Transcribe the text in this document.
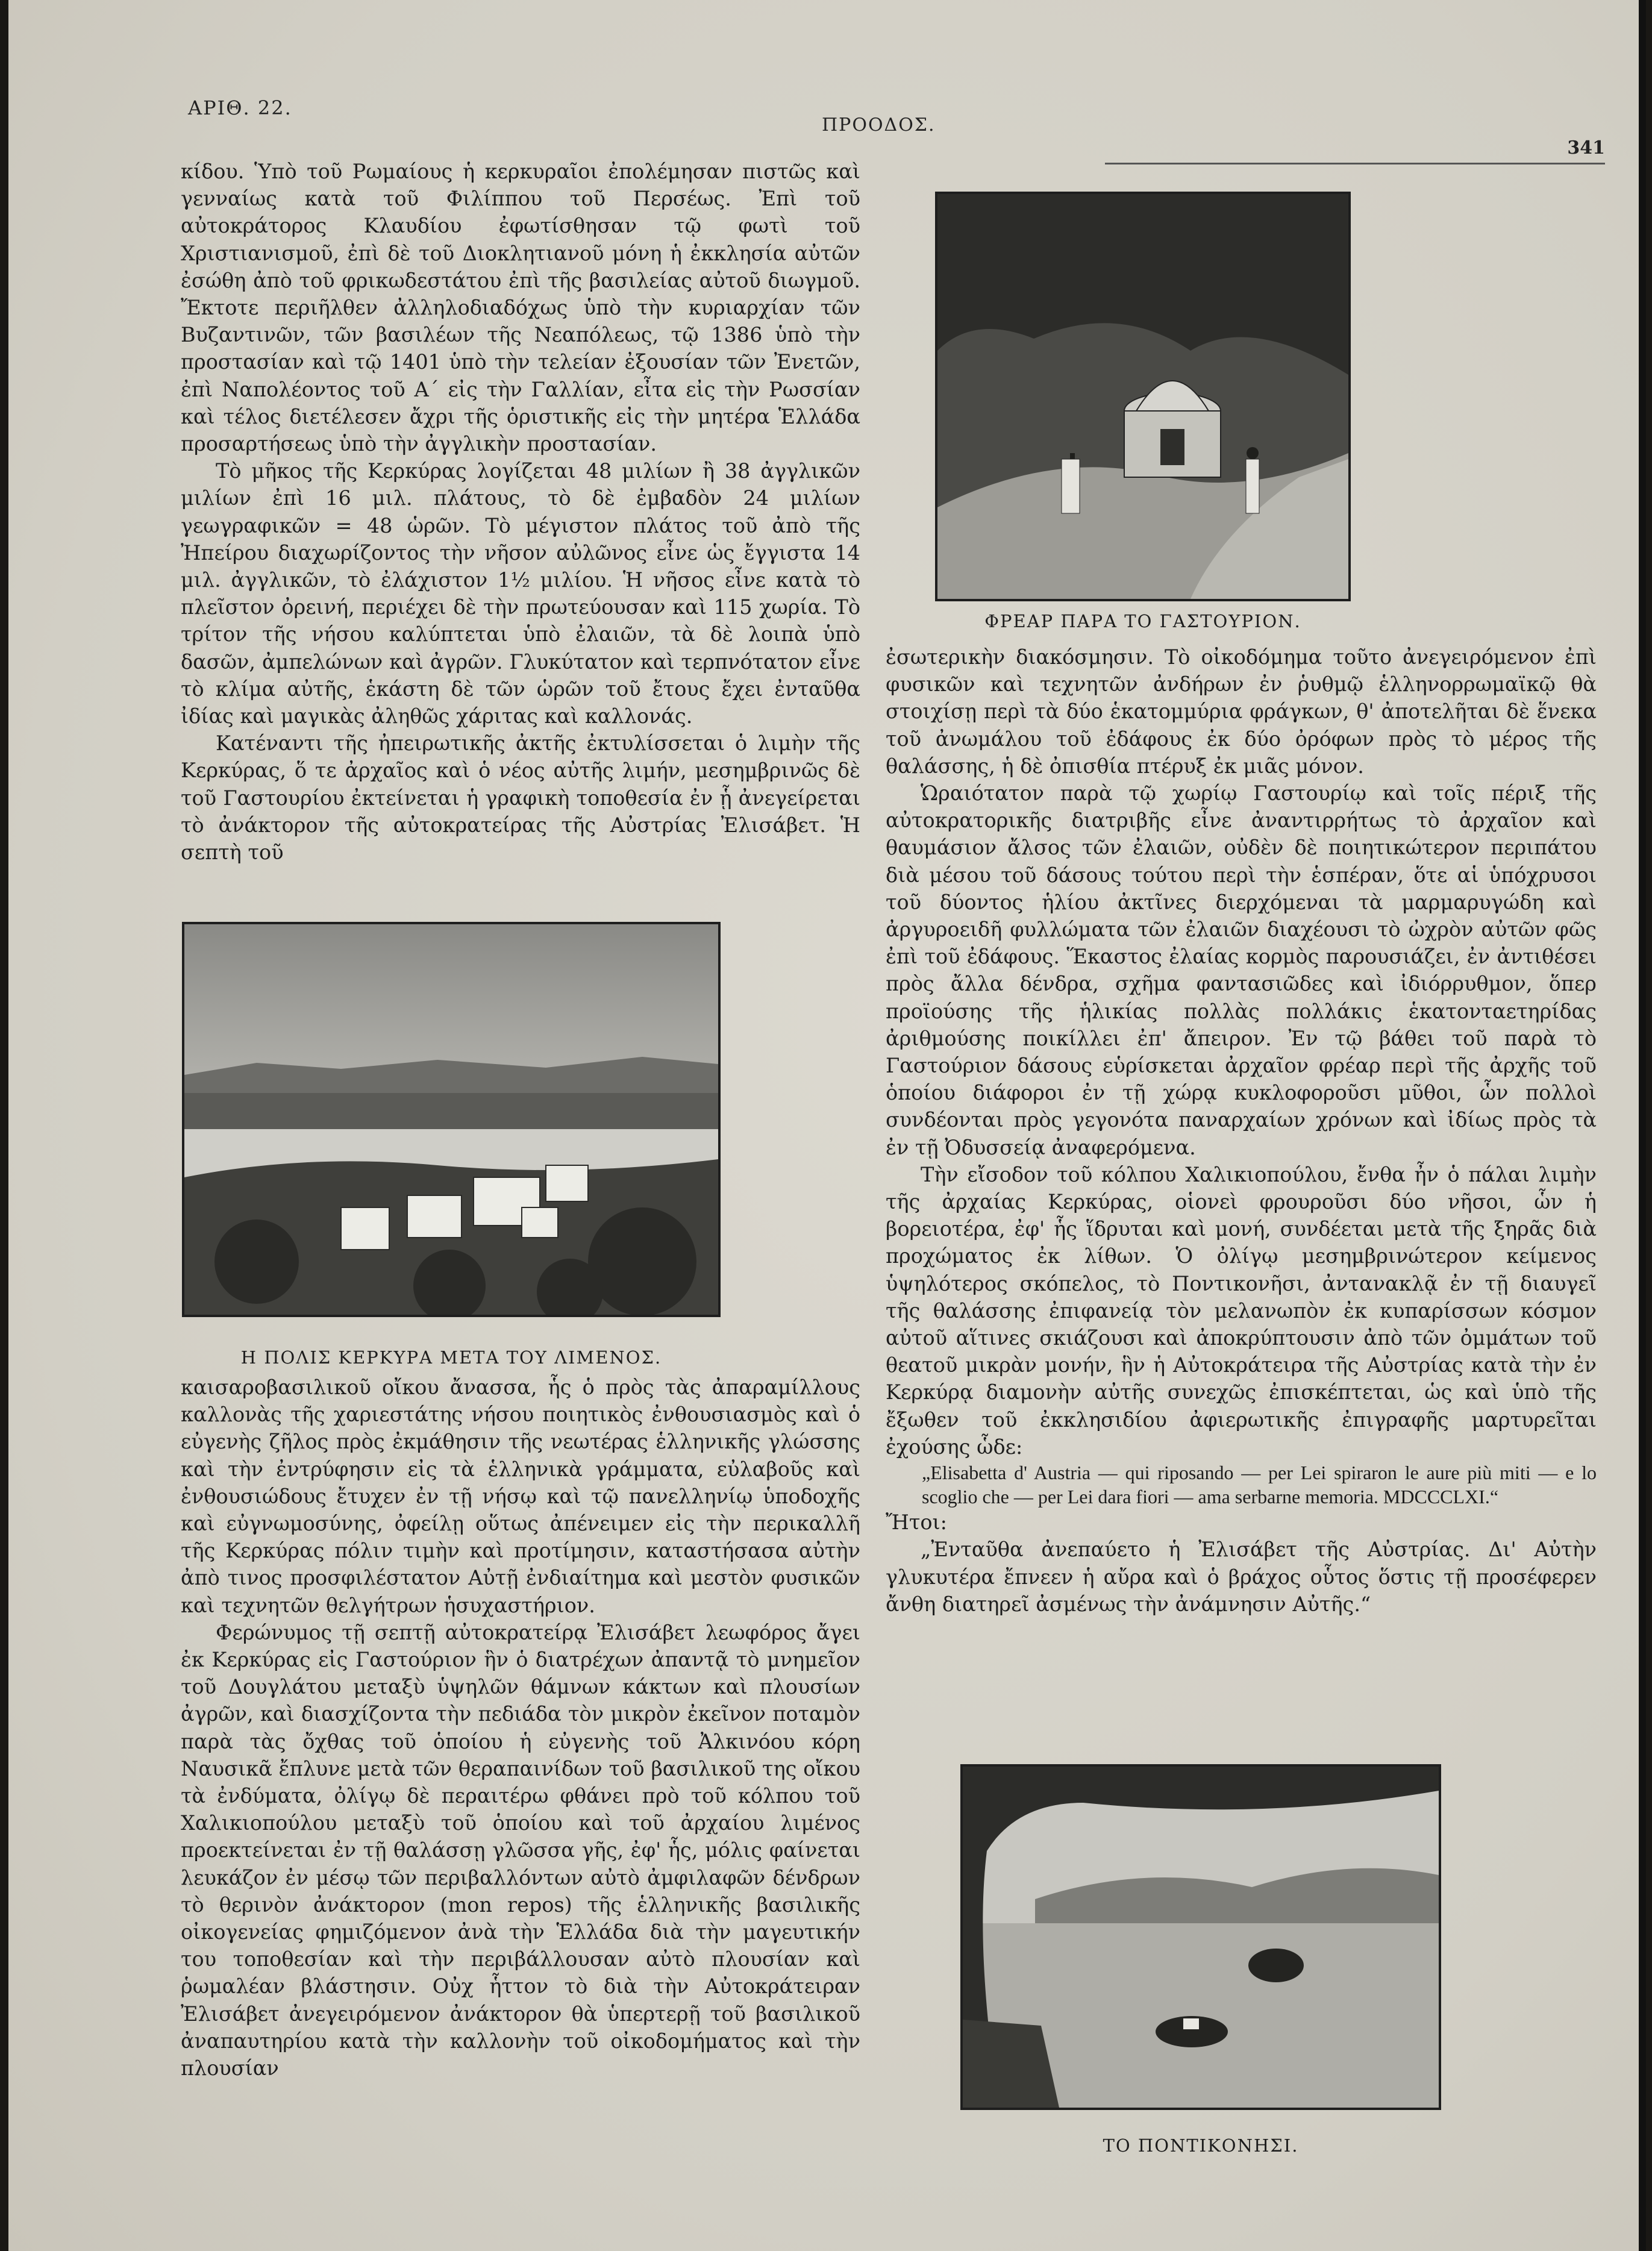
ΑΡΙΘ. 22.
ΠΡΟΟΔΟΣ.
341

κίδου. Ὑπὸ τοῦ Ρωμαίους ἡ κερκυραῖοι ἐπολέμησαν πιστῶς καὶ γενναίως κατὰ τοῦ Φιλίππου τοῦ Περσέως. Ἐπὶ τοῦ αὐτοκράτορος Κλαυδίου ἐφωτίσθησαν τῷ φωτὶ τοῦ Χριστιανισμοῦ, ἐπὶ δὲ τοῦ Διοκλητιανοῦ μόνη ἡ ἐκκλησία αὐτῶν ἐσώθη ἀπὸ τοῦ φρικωδεστάτου ἐπὶ τῆς βασιλείας αὐτοῦ διωγμοῦ. Ἔκτοτε περιῆλθεν ἀλληλοδιαδόχως ὑπὸ τὴν κυριαρχίαν τῶν Βυζαντινῶν, τῶν βασιλέων τῆς Νεαπόλεως, τῷ 1386 ὑπὸ τὴν προστασίαν καὶ τῷ 1401 ὑπὸ τὴν τελείαν ἐξουσίαν τῶν Ἐνετῶν, ἐπὶ Ναπολέοντος τοῦ Α΄ εἰς τὴν Γαλλίαν, εἶτα εἰς τὴν Ρωσσίαν καὶ τέλος διετέλεσεν ἄχρι τῆς ὁριστικῆς εἰς τὴν μητέρα Ἑλλάδα προσαρτήσεως ὑπὸ τὴν ἀγγλικὴν προστασίαν.

Τὸ μῆκος τῆς Κερκύρας λογίζεται 48 μιλίων ἢ 38 ἀγγλικῶν μιλίων ἐπὶ 16 μιλ. πλάτους, τὸ δὲ ἐμβαδὸν 24 μιλίων γεωγραφικῶν = 48 ὡρῶν. Τὸ μέγιστον πλάτος τοῦ ἀπὸ τῆς Ἠπείρου διαχωρίζοντος τὴν νῆσον αὐλῶνος εἶνε ὡς ἔγγιστα 14 μιλ. ἀγγλικῶν, τὸ ἐλάχιστον 1½ μιλίου. Ἡ νῆσος εἶνε κατὰ τὸ πλεῖστον ὀρεινή, περιέχει δὲ τὴν πρωτεύουσαν καὶ 115 χωρία. Τὸ τρίτον τῆς νήσου καλύπτεται ὑπὸ ἐλαιῶν, τὰ δὲ λοιπὰ ὑπὸ δασῶν, ἀμπελώνων καὶ ἀγρῶν. Γλυκύτατον καὶ τερπνότατον εἶνε τὸ κλίμα αὐτῆς, ἑκάστη δὲ τῶν ὡρῶν τοῦ ἔτους ἔχει ἐνταῦθα ἰδίας καὶ μαγικὰς ἀληθῶς χάριτας καὶ καλλονάς.

Κατέναντι τῆς ἠπειρωτικῆς ἀκτῆς ἐκτυλίσσεται ὁ λιμὴν τῆς Κερκύρας, ὅ τε ἀρχαῖος καὶ ὁ νέος αὐτῆς λιμήν, μεσημβρινῶς δὲ τοῦ Γαστουρίου ἐκτείνεται ἡ γραφικὴ τοποθεσία ἐν ᾗ ἀνεγείρεται τὸ ἀνάκτορον τῆς αὐτοκρατείρας τῆς Αὐστρίας Ἐλισάβετ. Ἡ σεπτὴ τοῦ

Η ΠΟΛΙΣ ΚΕΡΚΥΡΑ ΜΕΤΑ ΤΟΥ ΛΙΜΕΝΟΣ.

καισαροβασιλικοῦ οἴκου ἄνασσα, ἧς ὁ πρὸς τὰς ἀπαραμίλλους καλλονὰς τῆς χαριεστάτης νήσου ποιητικὸς ἐνθουσιασμὸς καὶ ὁ εὐγενὴς ζῆλος πρὸς ἐκμάθησιν τῆς νεωτέρας ἑλληνικῆς γλώσσης καὶ τὴν ἐντρύφησιν εἰς τὰ ἑλληνικὰ γράμματα, εὐλαβοῦς καὶ ἐνθουσιώδους ἔτυχεν ἐν τῇ νήσῳ καὶ τῷ πανελληνίῳ ὑποδοχῆς καὶ εὐγνωμοσύνης, ὀφείλῃ οὕτως ἀπένειμεν εἰς τὴν περικαλλῆ τῆς Κερκύρας πόλιν τιμὴν καὶ προτίμησιν, καταστήσασα αὐτὴν ἀπὸ τινος προσφιλέστατον Αὐτῇ ἐνδιαίτημα καὶ μεστὸν φυσικῶν καὶ τεχνητῶν θελγήτρων ἡσυχαστήριον.

Φερώνυμος τῇ σεπτῇ αὐτοκρατείρᾳ Ἐλισάβετ λεωφόρος ἄγει ἐκ Κερκύρας εἰς Γαστούριον ἣν ὁ διατρέχων ἀπαντᾷ τὸ μνημεῖον τοῦ Δουγλάτου μεταξὺ ὑψηλῶν θάμνων κάκτων καὶ πλουσίων ἀγρῶν, καὶ διασχίζοντα τὴν πεδιάδα τὸν μικρὸν ἐκεῖνον ποταμὸν παρὰ τὰς ὄχθας τοῦ ὁποίου ἡ εὐγενὴς τοῦ Ἀλκινόου κόρη Ναυσικᾶ ἔπλυνε μετὰ τῶν θεραπαινίδων τοῦ βασιλικοῦ της οἴκου τὰ ἐνδύματα, ὀλίγῳ δὲ περαιτέρω φθάνει πρὸ τοῦ κόλπου τοῦ Χαλικιοπούλου μεταξὺ τοῦ ὁποίου καὶ τοῦ ἀρχαίου λιμένος προεκτείνεται ἐν τῇ θαλάσσῃ γλῶσσα γῆς, ἐφ' ἧς, μόλις φαίνεται λευκάζον ἐν μέσῳ τῶν περιβαλλόντων αὐτὸ ἀμφιλαφῶν δένδρων τὸ θερινὸν ἀνάκτορον (mon repos) τῆς ἑλληνικῆς βασιλικῆς οἰκογενείας φημιζόμενον ἀνὰ τὴν Ἑλλάδα διὰ τὴν μαγευτικήν του τοποθεσίαν καὶ τὴν περιβάλλουσαν αὐτὸ πλουσίαν καὶ ῥωμαλέαν βλάστησιν. Οὐχ ἧττον τὸ διὰ τὴν Αὐτοκράτειραν Ἐλισάβετ ἀνεγειρόμενον ἀνάκτορον θὰ ὑπερτερῇ τοῦ βασιλικοῦ ἀναπαυτηρίου κατὰ τὴν καλλονὴν τοῦ οἰκοδομήματος καὶ τὴν πλουσίαν

ΦΡΕΑΡ ΠΑΡΑ ΤΟ ΓΑΣΤΟΥΡΙΟΝ.

ἐσωτερικὴν διακόσμησιν. Τὸ οἰκοδόμημα τοῦτο ἀνεγειρόμενον ἐπὶ φυσικῶν καὶ τεχνητῶν ἀνδήρων ἐν ῥυθμῷ ἑλληνορρωμαϊκῷ θὰ στοιχίσῃ περὶ τὰ δύο ἑκατομμύρια φράγκων, θ' ἀποτελῆται δὲ ἕνεκα τοῦ ἀνωμάλου τοῦ ἐδάφους ἐκ δύο ὀρόφων πρὸς τὸ μέρος τῆς θαλάσσης, ἡ δὲ ὀπισθία πτέρυξ ἐκ μιᾶς μόνον.

Ὡραιότατον παρὰ τῷ χωρίῳ Γαστουρίῳ καὶ τοῖς πέριξ τῆς αὐτοκρατορικῆς διατριβῆς εἶνε ἀναντιρρήτως τὸ ἀρχαῖον καὶ θαυμάσιον ἄλσος τῶν ἐλαιῶν, οὐδὲν δὲ ποιητικώτερον περιπάτου διὰ μέσου τοῦ δάσους τούτου περὶ τὴν ἑσπέραν, ὅτε αἱ ὑπόχρυσοι τοῦ δύοντος ἡλίου ἀκτῖνες διερχόμεναι τὰ μαρμαρυγώδη καὶ ἀργυροειδῆ φυλλώματα τῶν ἐλαιῶν διαχέουσι τὸ ὠχρὸν αὐτῶν φῶς ἐπὶ τοῦ ἐδάφους. Ἕκαστος ἐλαίας κορμὸς παρουσιάζει, ἐν ἀντιθέσει πρὸς ἄλλα δένδρα, σχῆμα φαντασιῶδες καὶ ἰδιόρρυθμον, ὅπερ προϊούσης τῆς ἡλικίας πολλὰς πολλάκις ἑκατονταετηρίδας ἀριθμούσης ποικίλλει ἐπ' ἄπειρον. Ἐν τῷ βάθει τοῦ παρὰ τὸ Γαστούριον δάσους εὑρίσκεται ἀρχαῖον φρέαρ περὶ τῆς ἀρχῆς τοῦ ὁποίου διάφοροι ἐν τῇ χώρᾳ κυκλοφοροῦσι μῦθοι, ὧν πολλοὶ συνδέονται πρὸς γεγονότα παναρχαίων χρόνων καὶ ἰδίως πρὸς τὰ ἐν τῇ Ὀδυσσείᾳ ἀναφερόμενα.

Τὴν εἴσοδον τοῦ κόλπου Χαλικιοπούλου, ἔνθα ἦν ὁ πάλαι λιμὴν τῆς ἀρχαίας Κερκύρας, οἱονεὶ φρουροῦσι δύο νῆσοι, ὧν ἡ βορειοτέρα, ἐφ' ἧς ἵδρυται καὶ μονή, συνδέεται μετὰ τῆς ξηρᾶς διὰ προχώματος ἐκ λίθων. Ὁ ὀλίγῳ μεσημβρινώτερον κείμενος ὑψηλότερος σκόπελος, τὸ Ποντικονῆσι, ἀντανακλᾷ ἐν τῇ διαυγεῖ τῆς θαλάσσης ἐπιφανείᾳ τὸν μελανωπὸν ἐκ κυπαρίσσων κόσμον αὐτοῦ αἵτινες σκιάζουσι καὶ ἀποκρύπτουσιν ἀπὸ τῶν ὀμμάτων τοῦ θεατοῦ μικρὰν μονήν, ἣν ἡ Αὐτοκράτειρα τῆς Αὐστρίας κατὰ τὴν ἐν Κερκύρᾳ διαμονὴν αὐτῆς συνεχῶς ἐπισκέπτεται, ὡς καὶ ὑπὸ τῆς ἔξωθεν τοῦ ἐκκλησιδίου ἀφιερωτικῆς ἐπιγραφῆς μαρτυρεῖται ἐχούσης ὧδε:

„Elisabetta d' Austria — qui riposando — per Lei spiraron le aure più miti — e lo scoglio che — per Lei dara fiori — ama serbarne memoria. MDCCCLXI.“

Ἤτοι:

„Ἐνταῦθα ἀνεπαύετο ἡ Ἐλισάβετ τῆς Αὐστρίας. Δι' Αὐτὴν γλυκυτέρα ἔπνεεν ἡ αὔρα καὶ ὁ βράχος οὗτος ὅστις τῇ προσέφερεν ἄνθη διατηρεῖ ἀσμένως τὴν ἀνάμνησιν Αὐτῆς.“

ΤΟ ΠΟΝΤΙΚΟΝΗΣΙ.
